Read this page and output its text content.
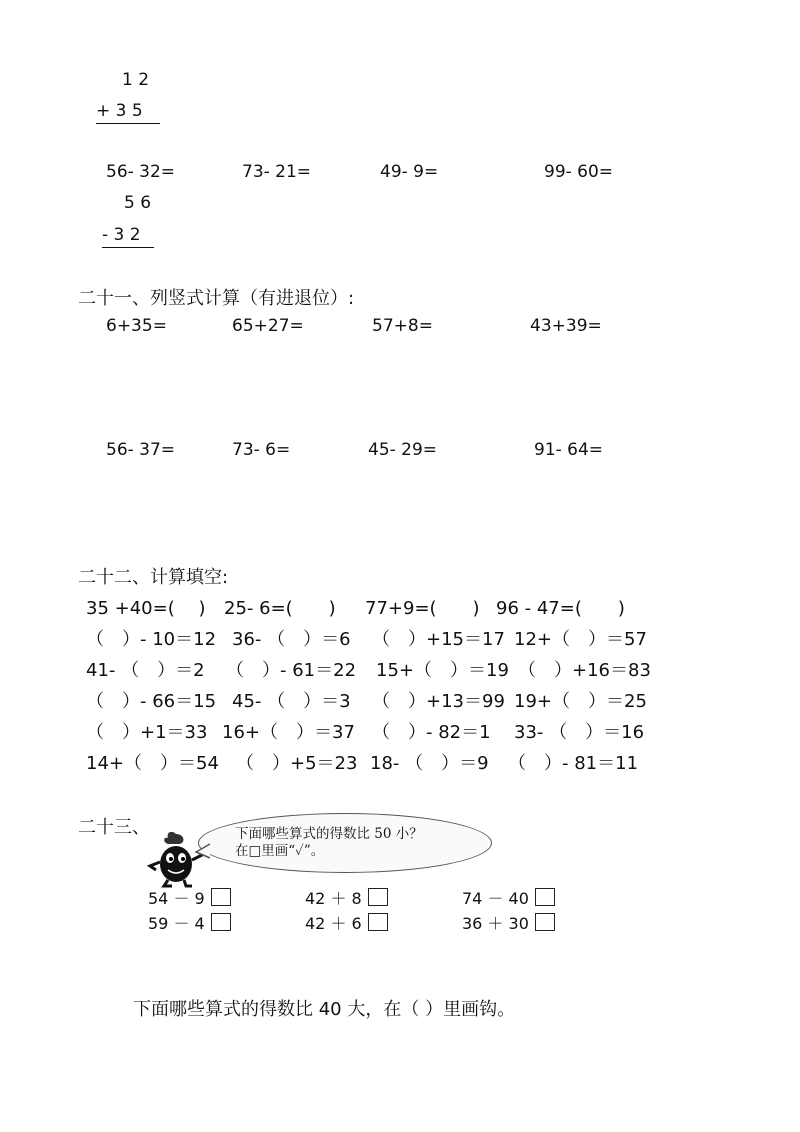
1 2
+ 3 5
56- 32=	73- 21=	49- 9=	99- 60=
5 6
- 3 2
二十一、列竖式计算（有进退位）:
6+35=	65+27=	57+8=	43+39=
56- 37=	73- 6=	45- 29=	91- 64=
二十二、计算填空:
35 +40=(　 ) 25- 6=(　　) 77+9=(　　) 96 - 47=(　　)
（　）- 10＝12 36- （　）＝6 （　）+15＝17 12+（　）＝57
41- （　）＝2 （　）- 61＝22 15+（　）＝19 （　）+16＝83
（　）- 66＝15 45- （　）＝3 （　）+13＝99 19+（　）＝25
（　）+1＝33 16+（　）＝37 （　）- 82＝1 33- （　）＝16
14+（　）＝54 （　）+5＝23 18- （　）＝9 （　）- 81＝11
二十三、	下面哪些算式的得数比 50 小？
在□里画“✓”。
54 － 9	42 ＋ 8	74 － 40
59 － 4	42 ＋ 6	36 ＋ 30
下面哪些算式的得数比 40 大，在（ ）里画钩。
